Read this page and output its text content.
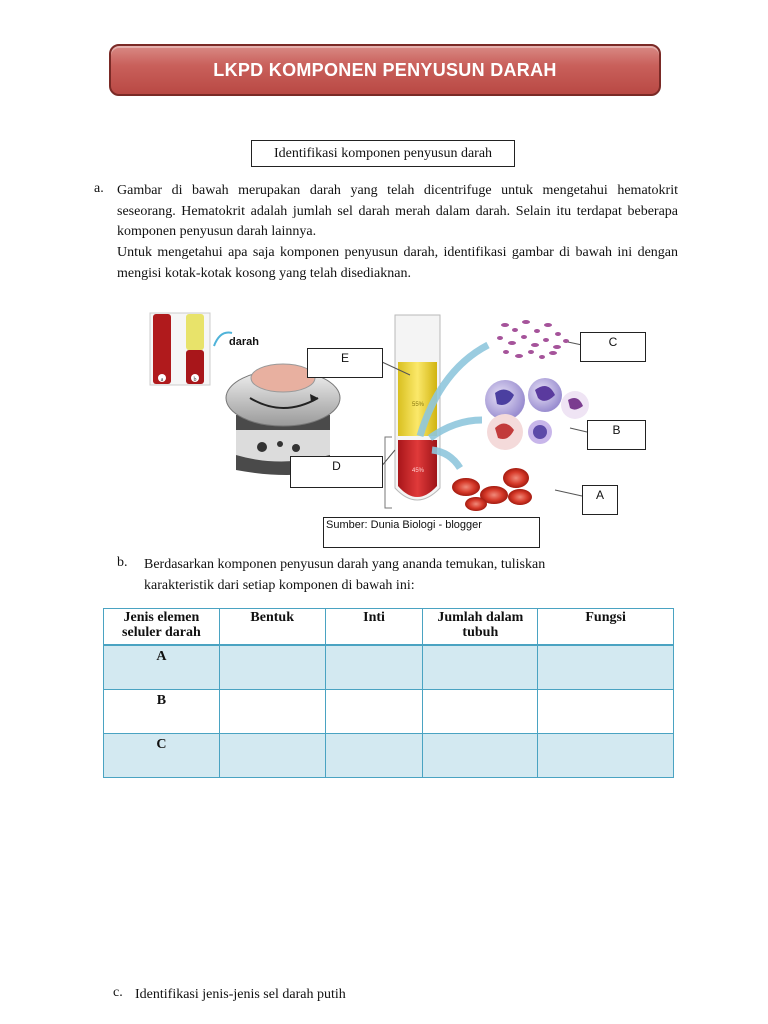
LKPD KOMPONEN PENYUSUN DARAH
Identifikasi komponen penyusun darah
a. Gambar di bawah merupakan darah yang telah dicentrifuge untuk mengetahui hematokrit seseorang. Hematokrit adalah jumlah sel darah merah dalam darah. Selain itu terdapat beberapa komponen penyusun darah lainnya.
Untuk mengetahui apa saja komponen penyusun darah, identifikasi gambar di bawah ini dengan mengisi kotak-kotak kosong yang telah disediaknan.
a	b
darah
55%
45%
E
D
C
B
A
Sumber: Dunia Biologi - blogger
b. Berdasarkan komponen penyusun darah yang ananda temukan, tuliskan karakteristik dari setiap komponen di bawah ini:
Jenis elemen seluler darah	Bentuk	Inti	Jumlah dalam tubuh	Fungsi
A				
B				
C				
c. Identifikasi jenis-jenis sel darah putih
